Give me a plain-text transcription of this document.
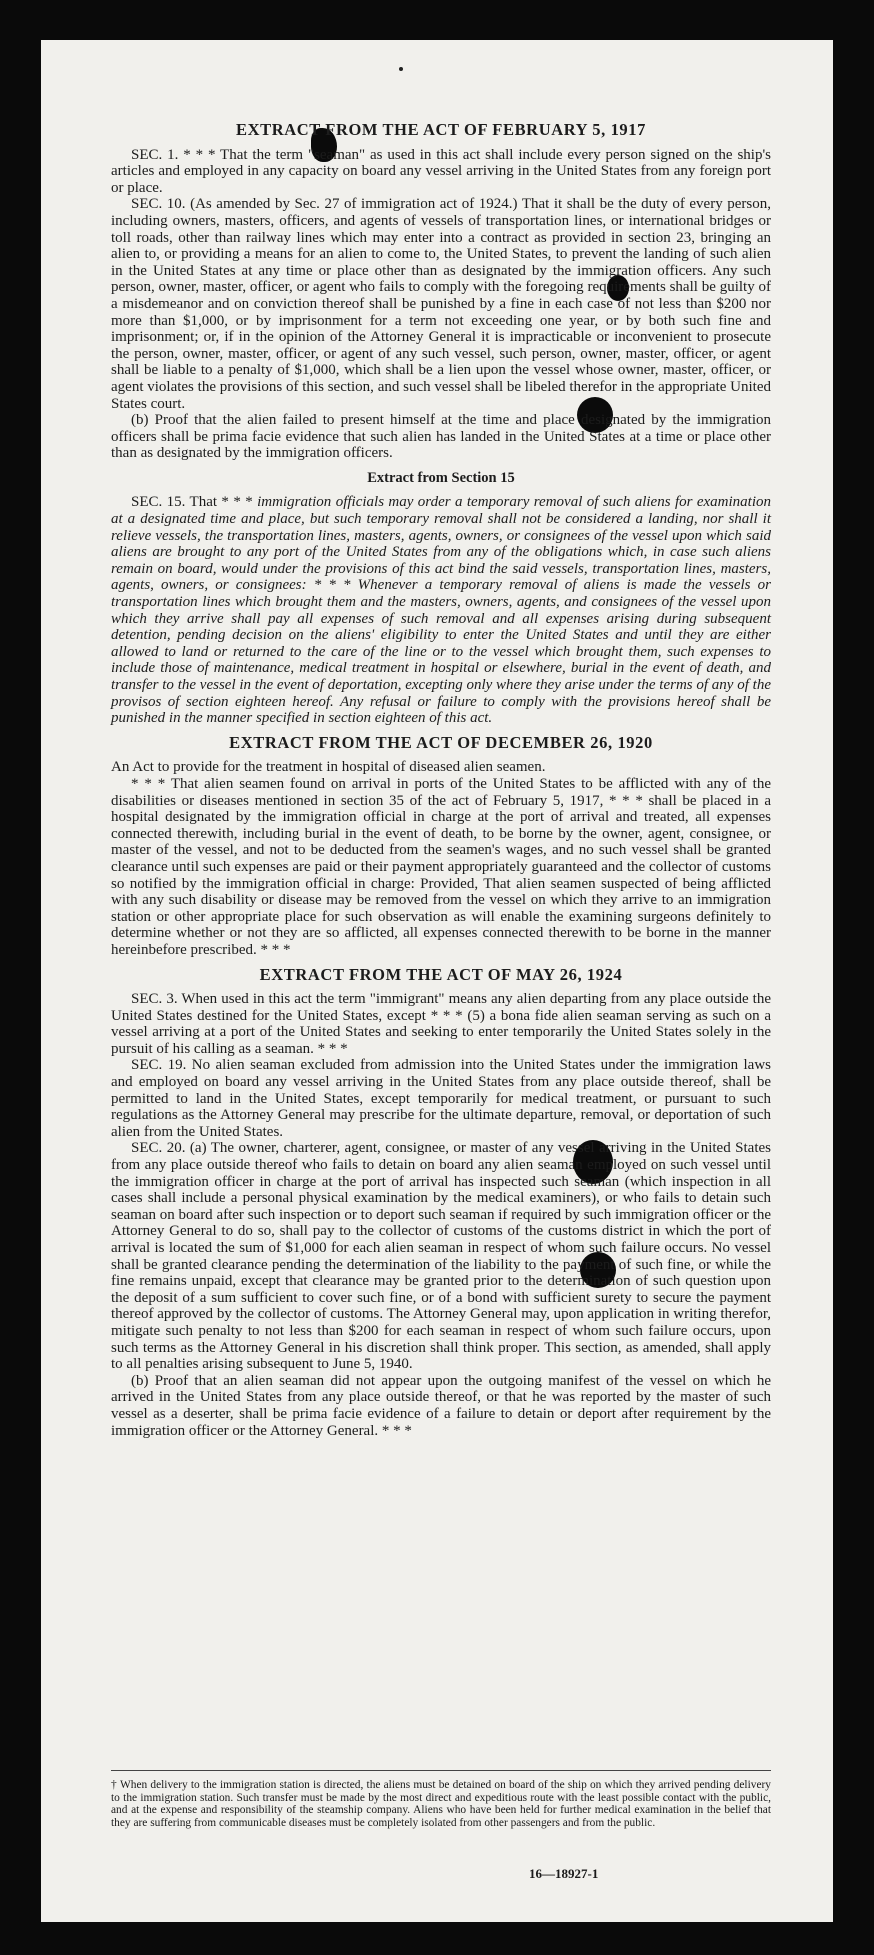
EXTRACT FROM THE ACT OF FEBRUARY 5, 1917

SEC. 1. * * * That the term "seaman" as used in this act shall include every person signed on the ship's articles and employed in any capacity on board any vessel arriving in the United States from any foreign port or place.

SEC. 10. (As amended by Sec. 27 of immigration act of 1924.) That it shall be the duty of every person, including owners, masters, officers, and agents of vessels of transportation lines, or international bridges or toll roads, other than railway lines which may enter into a contract as provided in section 23, bringing an alien to, or providing a means for an alien to come to, the United States, to prevent the landing of such alien in the United States at any time or place other than as designated by the immigration officers. Any such person, owner, master, officer, or agent who fails to comply with the foregoing requirements shall be guilty of a misdemeanor and on conviction thereof shall be punished by a fine in each case of not less than $200 nor more than $1,000, or by imprisonment for a term not exceeding one year, or by both such fine and imprisonment; or, if in the opinion of the Attorney General it is impracticable or inconvenient to prosecute the person, owner, master, officer, or agent of any such vessel, such person, owner, master, officer, or agent shall be liable to a penalty of $1,000, which shall be a lien upon the vessel whose owner, master, officer, or agent violates the provisions of this section, and such vessel shall be libeled therefor in the appropriate United States court.

(b) Proof that the alien failed to present himself at the time and place designated by the immigration officers shall be prima facie evidence that such alien has landed in the United States at a time or place other than as designated by the immigration officers.

Extract from Section 15

SEC. 15. That * * * immigration officials may order a temporary removal of such aliens for examination at a designated time and place, but such temporary removal shall not be considered a landing, nor shall it relieve vessels, the transportation lines, masters, agents, owners, or consignees of the vessel upon which said aliens are brought to any port of the United States from any of the obligations which, in case such aliens remain on board, would under the provisions of this act bind the said vessels, transportation lines, masters, agents, owners, or consignees: * * * Whenever a temporary removal of aliens is made the vessels or transportation lines which brought them and the masters, owners, agents, and consignees of the vessel upon which they arrive shall pay all expenses of such removal and all expenses arising during subsequent detention, pending decision on the aliens' eligibility to enter the United States and until they are either allowed to land or returned to the care of the line or to the vessel which brought them, such expenses to include those of maintenance, medical treatment in hospital or elsewhere, burial in the event of death, and transfer to the vessel in the event of deportation, excepting only where they arise under the terms of any of the provisos of section eighteen hereof. Any refusal or failure to comply with the provisions hereof shall be punished in the manner specified in section eighteen of this act.

EXTRACT FROM THE ACT OF DECEMBER 26, 1920

An Act to provide for the treatment in hospital of diseased alien seamen.

* * * That alien seamen found on arrival in ports of the United States to be afflicted with any of the disabilities or diseases mentioned in section 35 of the act of February 5, 1917, * * * shall be placed in a hospital designated by the immigration official in charge at the port of arrival and treated, all expenses connected therewith, including burial in the event of death, to be borne by the owner, agent, consignee, or master of the vessel, and not to be deducted from the seamen's wages, and no such vessel shall be granted clearance until such expenses are paid or their payment appropriately guaranteed and the collector of customs so notified by the immigration official in charge: Provided, That alien seamen suspected of being afflicted with any such disability or disease may be removed from the vessel on which they arrive to an immigration station or other appropriate place for such observation as will enable the examining surgeons definitely to determine whether or not they are so afflicted, all expenses connected therewith to be borne in the manner hereinbefore prescribed. * * *

EXTRACT FROM THE ACT OF MAY 26, 1924

SEC. 3. When used in this act the term "immigrant" means any alien departing from any place outside the United States destined for the United States, except * * * (5) a bona fide alien seaman serving as such on a vessel arriving at a port of the United States and seeking to enter temporarily the United States solely in the pursuit of his calling as a seaman. * * *

SEC. 19. No alien seaman excluded from admission into the United States under the immigration laws and employed on board any vessel arriving in the United States from any place outside thereof, shall be permitted to land in the United States, except temporarily for medical treatment, or pursuant to such regulations as the Attorney General may prescribe for the ultimate departure, removal, or deportation of such alien from the United States.

SEC. 20. (a) The owner, charterer, agent, consignee, or master of any vessel arriving in the United States from any place outside thereof who fails to detain on board any alien seaman employed on such vessel until the immigration officer in charge at the port of arrival has inspected such seaman (which inspection in all cases shall include a personal physical examination by the medical examiners), or who fails to detain such seaman on board after such inspection or to deport such seaman if required by such immigration officer or the Attorney General to do so, shall pay to the collector of customs of the customs district in which the port of arrival is located the sum of $1,000 for each alien seaman in respect of whom such failure occurs. No vessel shall be granted clearance pending the determination of the liability to the payment of such fine, or while the fine remains unpaid, except that clearance may be granted prior to the determination of such question upon the deposit of a sum sufficient to cover such fine, or of a bond with sufficient surety to secure the payment thereof approved by the collector of customs. The Attorney General may, upon application in writing therefor, mitigate such penalty to not less than $200 for each seaman in respect of whom such failure occurs, upon such terms as the Attorney General in his discretion shall think proper. This section, as amended, shall apply to all penalties arising subsequent to June 5, 1940.

(b) Proof that an alien seaman did not appear upon the outgoing manifest of the vessel on which he arrived in the United States from any place outside thereof, or that he was reported by the master of such vessel as a deserter, shall be prima facie evidence of a failure to detain or deport after requirement by the immigration officer or the Attorney General. * * *

† When delivery to the immigration station is directed, the aliens must be detained on board of the ship on which they arrived pending delivery to the immigration station. Such transfer must be made by the most direct and expeditious route with the least possible contact with the public, and at the expense and responsibility of the steamship company. Aliens who have been held for further medical examination in the belief that they are suffering from communicable diseases must be completely isolated from other passengers and from the public.
16—18927-1
